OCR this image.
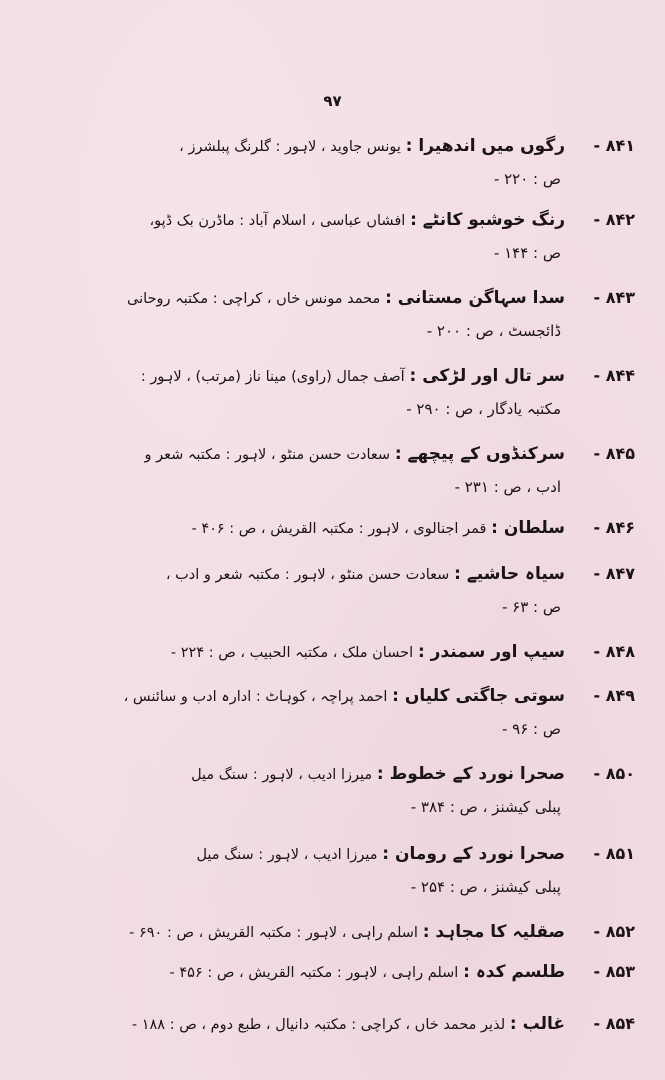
۹۷
۸۴۱ -
رگوں میں اندھیرا : یونس جاوید ، لاہور : گلرنگ پبلشرز ،
ص : ۲۲۰ -
۸۴۲ -
رنگ خوشبو کانٹے : افشاں عباسی ، اسلام آباد : ماڈرن بک ڈپو،
ص : ۱۴۴ -
۸۴۳ -
سدا سہاگن مستانی : محمد مونس خاں ، کراچی : مکتبہ روحانی
ڈائجسٹ ، ص : ۲۰۰ -
۸۴۴ -
سر تال اور لڑکی : آصف جمال (راوی) مینا ناز (مرتب) ، لاہور :
مکتبہ یادگار ، ص : ۲۹۰ -
۸۴۵ -
سرکنڈوں کے پیچھے : سعادت حسن منٹو ، لاہور : مکتبہ شعر و
ادب ، ص : ۲۳۱ -
۸۴۶ -
سلطان : قمر اجنالوی ، لاہور : مکتبہ القریش ، ص : ۴۰۶ -
۸۴۷ -
سیاہ حاشیے : سعادت حسن منٹو ، لاہور : مکتبہ شعر و ادب ،
ص : ۶۳ -
۸۴۸ -
سیپ اور سمندر : احسان ملک ، مکتبہ الحبیب ، ص : ۲۲۴ -
۸۴۹ -
سوتی جاگتی کلیاں : احمد پراچہ ، کوہاٹ : ادارہ ادب و سائنس ،
ص : ۹۶ -
۸۵۰ -
صحرا نورد کے خطوط : میرزا ادیب ، لاہور : سنگ میل
پبلی کیشنز ، ص : ۳۸۴ -
۸۵۱ -
صحرا نورد کے رومان : میرزا ادیب ، لاہور : سنگ میل
پبلی کیشنز ، ص : ۲۵۴ -
۸۵۲ -
صقلیہ کا مجاہد : اسلم راہی ، لاہور : مکتبہ القریش ، ص : ۶۹۰ -
۸۵۳ -
طلسم کدہ : اسلم راہی ، لاہور : مکتبہ القریش ، ص : ۴۵۶ -
۸۵۴ -
غالب : لذیر محمد خاں ، کراچی : مکتبہ دانیال ، طبع دوم ، ص : ۱۸۸ -
